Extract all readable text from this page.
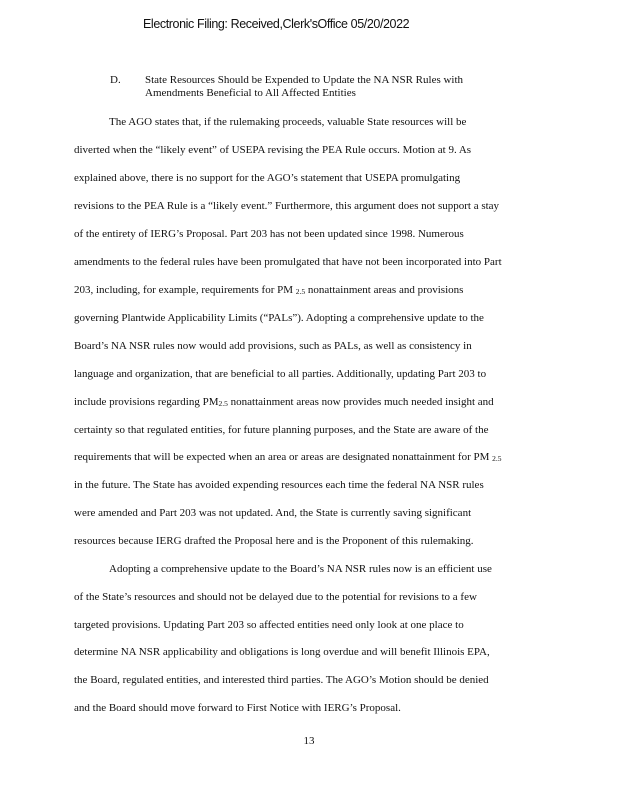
Electronic Filing: Received,Clerk'sOffice 05/20/2022
D. State Resources Should be Expended to Update the NA NSR Rules with
Amendments Beneficial to All Affected Entities
The AGO states that, if the rulemaking proceeds, valuable State resources will be
diverted when the “likely event” of USEPA revising the PEA Rule occurs. Motion at 9. As
explained above, there is no support for the AGO’s statement that USEPA promulgating
revisions to the PEA Rule is a “likely event.” Furthermore, this argument does not support a stay
of the entirety of IERG’s Proposal. Part 203 has not been updated since 1998. Numerous
amendments to the federal rules have been promulgated that have not been incorporated into Part
203, including, for example, requirements for PM $_{2.5}$ nonattainment areas and provisions
governing Plantwide Applicability Limits (“PALs”). Adopting a comprehensive update to the
Board’s NA NSR rules now would add provisions, such as PALs, as well as consistency in
language and organization, that are beneficial to all parties. Additionally, updating Part 203 to
include provisions regarding $PM_{2.5}$ nonattainment areas now provides much needed insight and
certainty so that regulated entities, for future planning purposes, and the State are aware of the
requirements that will be expected when an area or areas are designated nonattainment for PM $_{2.5}$
in the future. The State has avoided expending resources each time the federal NA NSR rules
were amended and Part 203 was not updated. And, the State is currently saving significant
resources because IERG drafted the Proposal here and is the Proponent of this rulemaking.
Adopting a comprehensive update to the Board’s NA NSR rules now is an efficient use
of the State’s resources and should not be delayed due to the potential for revisions to a few
targeted provisions. Updating Part 203 so affected entities need only look at one place to
determine NA NSR applicability and obligations is long overdue and will benefit Illinois EPA,
the Board, regulated entities, and interested third parties. The AGO’s Motion should be denied
and the Board should move forward to First Notice with IERG’s Proposal.
13
